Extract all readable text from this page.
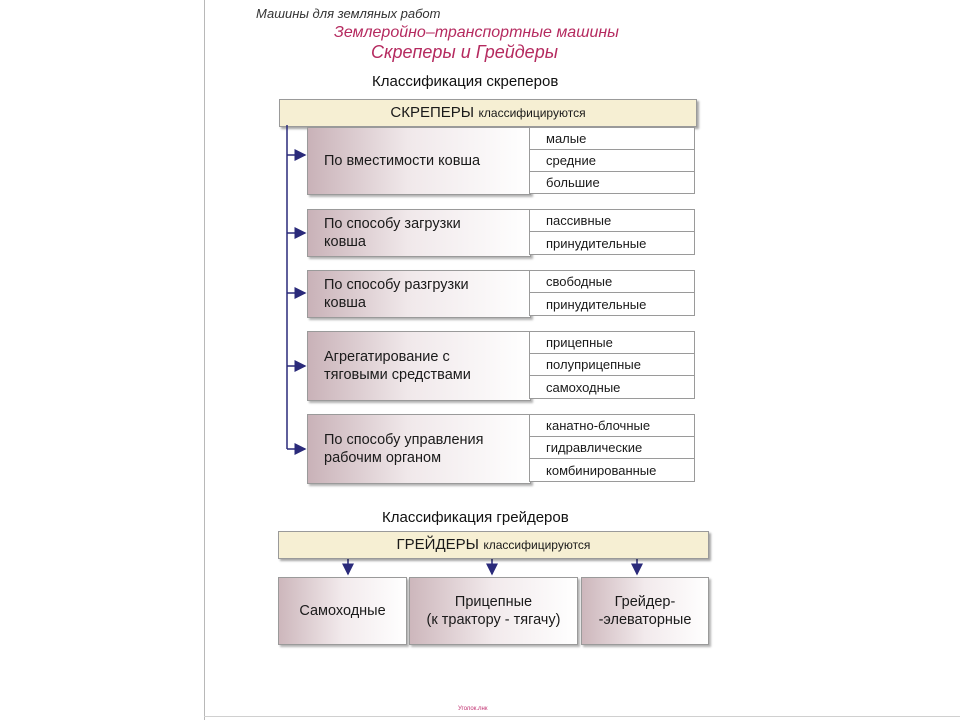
Машины для земляных работ
Землеройно–транспортные машины
Скреперы и Грейдеры
Классификация скреперов
СКРЕПЕРЫ классифицируются
По вместимости ковша
малые
средние
большие
По способу загрузки
ковша
пассивные
принудительные
По способу разгрузки
ковша
свободные
принудительные
Агрегатирование с
тяговыми средствами
прицепные
полуприцепные
самоходные
По способу управления
рабочим органом
канатно-блочные
гидравлические
комбинированные
Классификация грейдеров
ГРЕЙДЕРЫ классифицируются
Самоходные
Прицепные
(к трактору - тягачу)
Грейдер-
-элеваторные
Уголок.лнк
